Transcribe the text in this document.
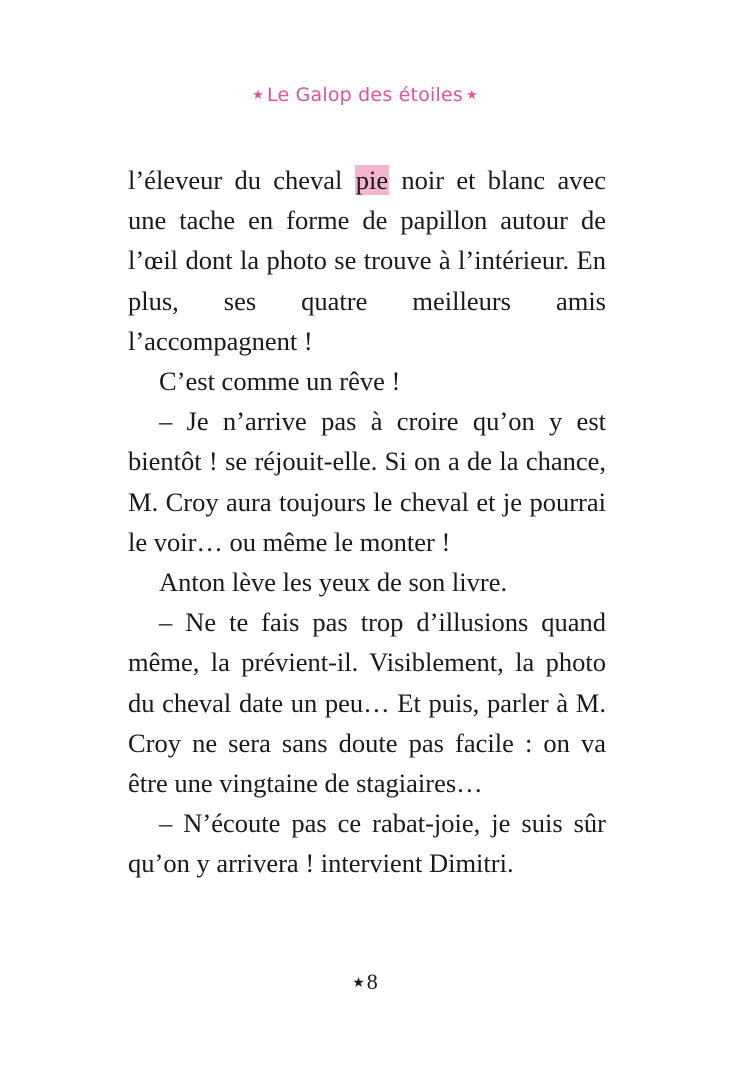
★ Le Galop des étoiles ★

l’éleveur du cheval pie noir et blanc avec une tache en forme de papillon autour de l’œil dont la photo se trouve à l’intérieur. En plus, ses quatre meilleurs amis l’accompagnent !

C’est comme un rêve !

– Je n’arrive pas à croire qu’on y est bientôt ! se réjouit-elle. Si on a de la chance, M. Croy aura toujours le cheval et je pourrai le voir… ou même le monter !

Anton lève les yeux de son livre.

– Ne te fais pas trop d’illusions quand même, la prévient-il. Visiblement, la photo du cheval date un peu… Et puis, parler à M. Croy ne sera sans doute pas facile : on va être une vingtaine de stagiaires…

– N’écoute pas ce rabat-joie, je suis sûr qu’on y arrivera ! intervient Dimitri.

★8
